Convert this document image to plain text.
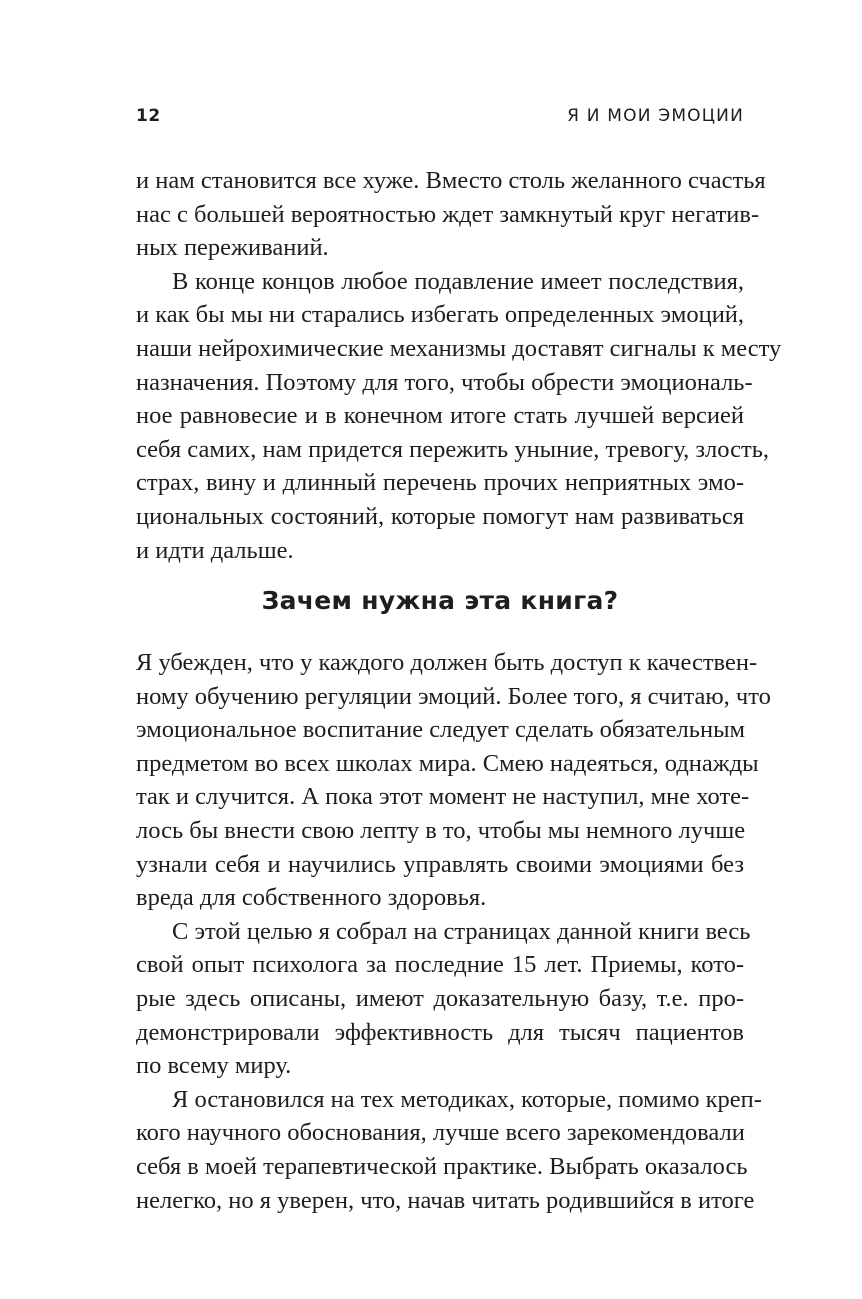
12	Я И МОИ ЭМОЦИИ
и нам становится все хуже. Вместо столь желанного счастья
нас с большей вероятностью ждет замкнутый круг негатив-
ных переживаний.
В конце концов любое подавление имеет последствия,
и как бы мы ни старались избегать определенных эмоций,
наши нейрохимические механизмы доставят сигналы к месту
назначения. Поэтому для того, чтобы обрести эмоциональ-
ное равновесие и в конечном итоге стать лучшей версией
себя самих, нам придется пережить уныние, тревогу, злость,
страх, вину и длинный перечень прочих неприятных эмо-
циональных состояний, которые помогут нам развиваться
и идти дальше.
Зачем нужна эта книга?
Я убежден, что у каждого должен быть доступ к качествен-
ному обучению регуляции эмоций. Более того, я считаю, что
эмоциональное воспитание следует сделать обязательным
предметом во всех школах мира. Смею надеяться, однажды
так и случится. А пока этот момент не наступил, мне хоте-
лось бы внести свою лепту в то, чтобы мы немного лучше
узнали себя и научились управлять своими эмоциями без
вреда для собственного здоровья.
С этой целью я собрал на страницах данной книги весь
свой опыт психолога за последние 15 лет. Приемы, кото-
рые здесь описаны, имеют доказательную базу, т.е. про-
демонстрировали эффективность для тысяч пациентов
по всему миру.
Я остановился на тех методиках, которые, помимо креп-
кого научного обоснования, лучше всего зарекомендовали
себя в моей терапевтической практике. Выбрать оказалось
нелегко, но я уверен, что, начав читать родившийся в итоге
